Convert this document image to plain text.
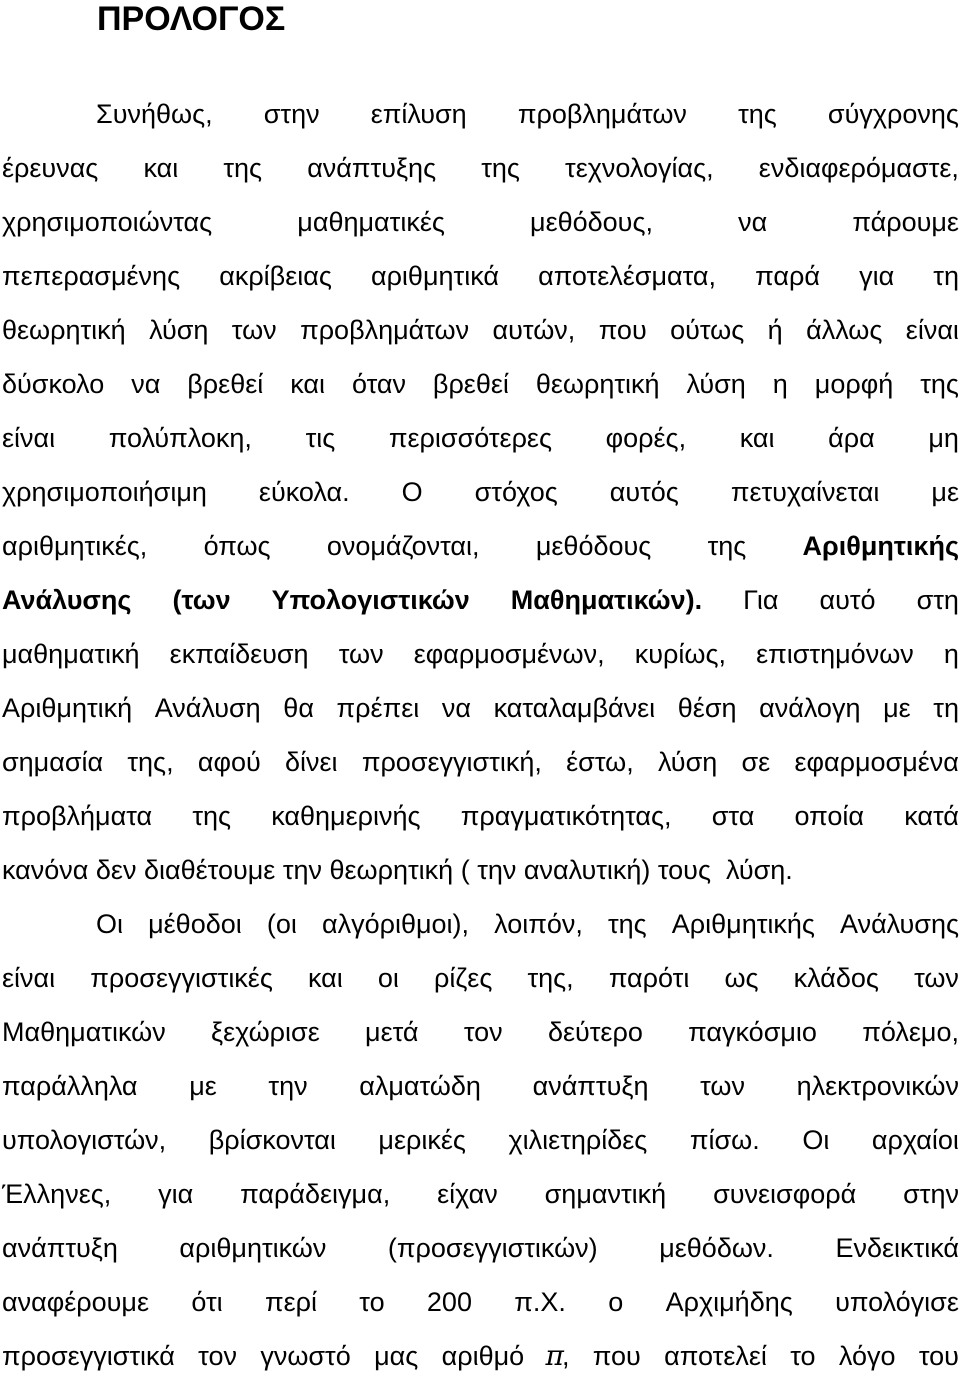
ΠΡΟΛΟΓΟΣ
Συνήθως, στην επίλυση προβλημάτων της σύγχρονης
έρευνας και της ανάπτυξης της τεχνολογίας, ενδιαφερόμαστε,
χρησιμοποιώντας	μαθηματικές	μεθόδους,	να	πάρουμε
πεπερασμένης ακρίβειας αριθμητικά αποτελέσματα, παρά για τη
θεωρητική λύση των προβλημάτων αυτών, που ούτως ή άλλως είναι
δύσκολο να βρεθεί και όταν βρεθεί θεωρητική λύση η μορφή της
είναι πολύπλοκη, τις περισσότερες φορές, και άρα μη
χρησιμοποιήσιμη εύκολα. Ο στόχος αυτός πετυχαίνεται με
αριθμητικές, όπως ονομάζονται, μεθόδους της Αριθμητικής
Ανάλυσης (των Υπολογιστικών Μαθηματικών). Για αυτό στη
μαθηματική εκπαίδευση των εφαρμοσμένων, κυρίως, επιστημόνων η
Αριθμητική Ανάλυση θα πρέπει να καταλαμβάνει θέση ανάλογη με τη
σημασία της, αφού δίνει προσεγγιστική, έστω, λύση σε εφαρμοσμένα
προβλήματα της καθημερινής πραγματικότητας, στα οποία κατά
κανόνα δεν διαθέτουμε την θεωρητική ( την αναλυτική) τους  λύση.
Οι μέθοδοι (οι αλγόριθμοι), λοιπόν, της Αριθμητικής Ανάλυσης
είναι προσεγγιστικές και οι ρίζες της, παρότι ως κλάδος των
Μαθηματικών ξεχώρισε μετά τον δεύτερο παγκόσμιο πόλεμο,
παράλληλα με την αλματώδη ανάπτυξη των ηλεκτρονικών
υπολογιστών, βρίσκονται μερικές χιλιετηρίδες πίσω. Οι αρχαίοι
Έλληνες, για παράδειγμα, είχαν σημαντική συνεισφορά στην
ανάπτυξη αριθμητικών (προσεγγιστικών) μεθόδων. Ενδεικτικά
αναφέρουμε ότι περί το 200 π.Χ. ο Αρχιμήδης υπολόγισε
προσεγγιστικά τον γνωστό μας αριθμό π, που αποτελεί το λόγο του
